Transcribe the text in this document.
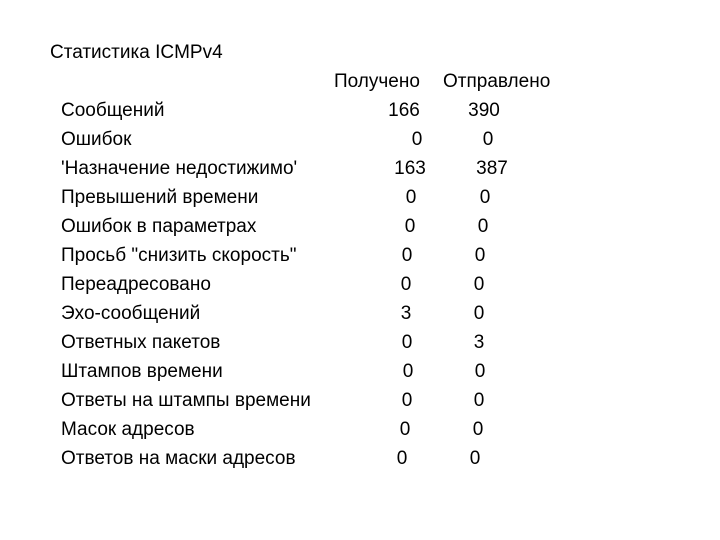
Статистика ICMPv4
Получено Отправлено
Сообщений	166	390
Ошибок	0	0
'Назначение недостижимо'	163	387
Превышений времени	0	0
Ошибок в параметрах	0	0
Просьб "снизить скорость"	0	0
Переадресовано	0	0
Эхо-сообщений	3	0
Ответных пакетов	0	3
Штампов времени	0	0
Ответы на штампы времени	0	0
Масок адресов	0	0
Ответов на маски адресов	0	0
